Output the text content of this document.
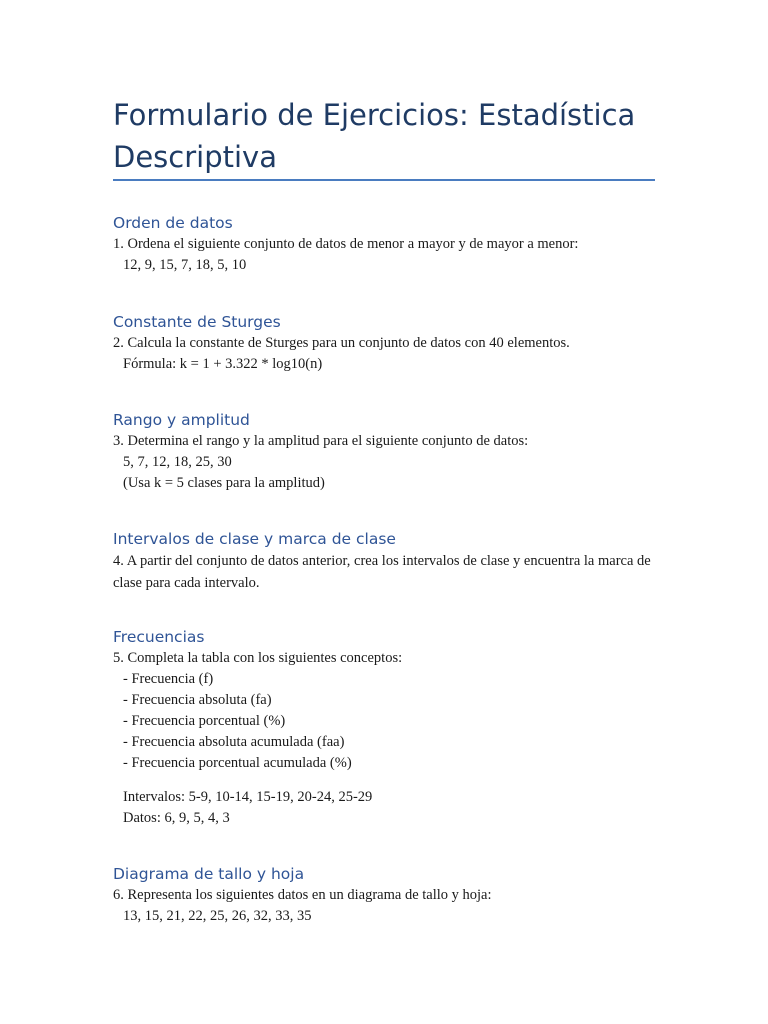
Formulario de Ejercicios: Estadística Descriptiva
Orden de datos

1. Ordena el siguiente conjunto de datos de menor a mayor y de mayor a menor:

12, 9, 15, 7, 18, 5, 10

Constante de Sturges

2. Calcula la constante de Sturges para un conjunto de datos con 40 elementos.

Fórmula: k = 1 + 3.322 * log10(n)

Rango y amplitud

3. Determina el rango y la amplitud para el siguiente conjunto de datos:

5, 7, 12, 18, 25, 30

(Usa k = 5 clases para la amplitud)

Intervalos de clase y marca de clase

4. A partir del conjunto de datos anterior, crea los intervalos de clase y encuentra la marca de clase para cada intervalo.

Frecuencias

5. Completa la tabla con los siguientes conceptos:

- Frecuencia (f)

- Frecuencia absoluta (fa)

- Frecuencia porcentual (%)

- Frecuencia absoluta acumulada (faa)

- Frecuencia porcentual acumulada (%)

Intervalos: 5-9, 10-14, 15-19, 20-24, 25-29

Datos: 6, 9, 5, 4, 3

Diagrama de tallo y hoja

6. Representa los siguientes datos en un diagrama de tallo y hoja:

13, 15, 21, 22, 25, 26, 32, 33, 35
